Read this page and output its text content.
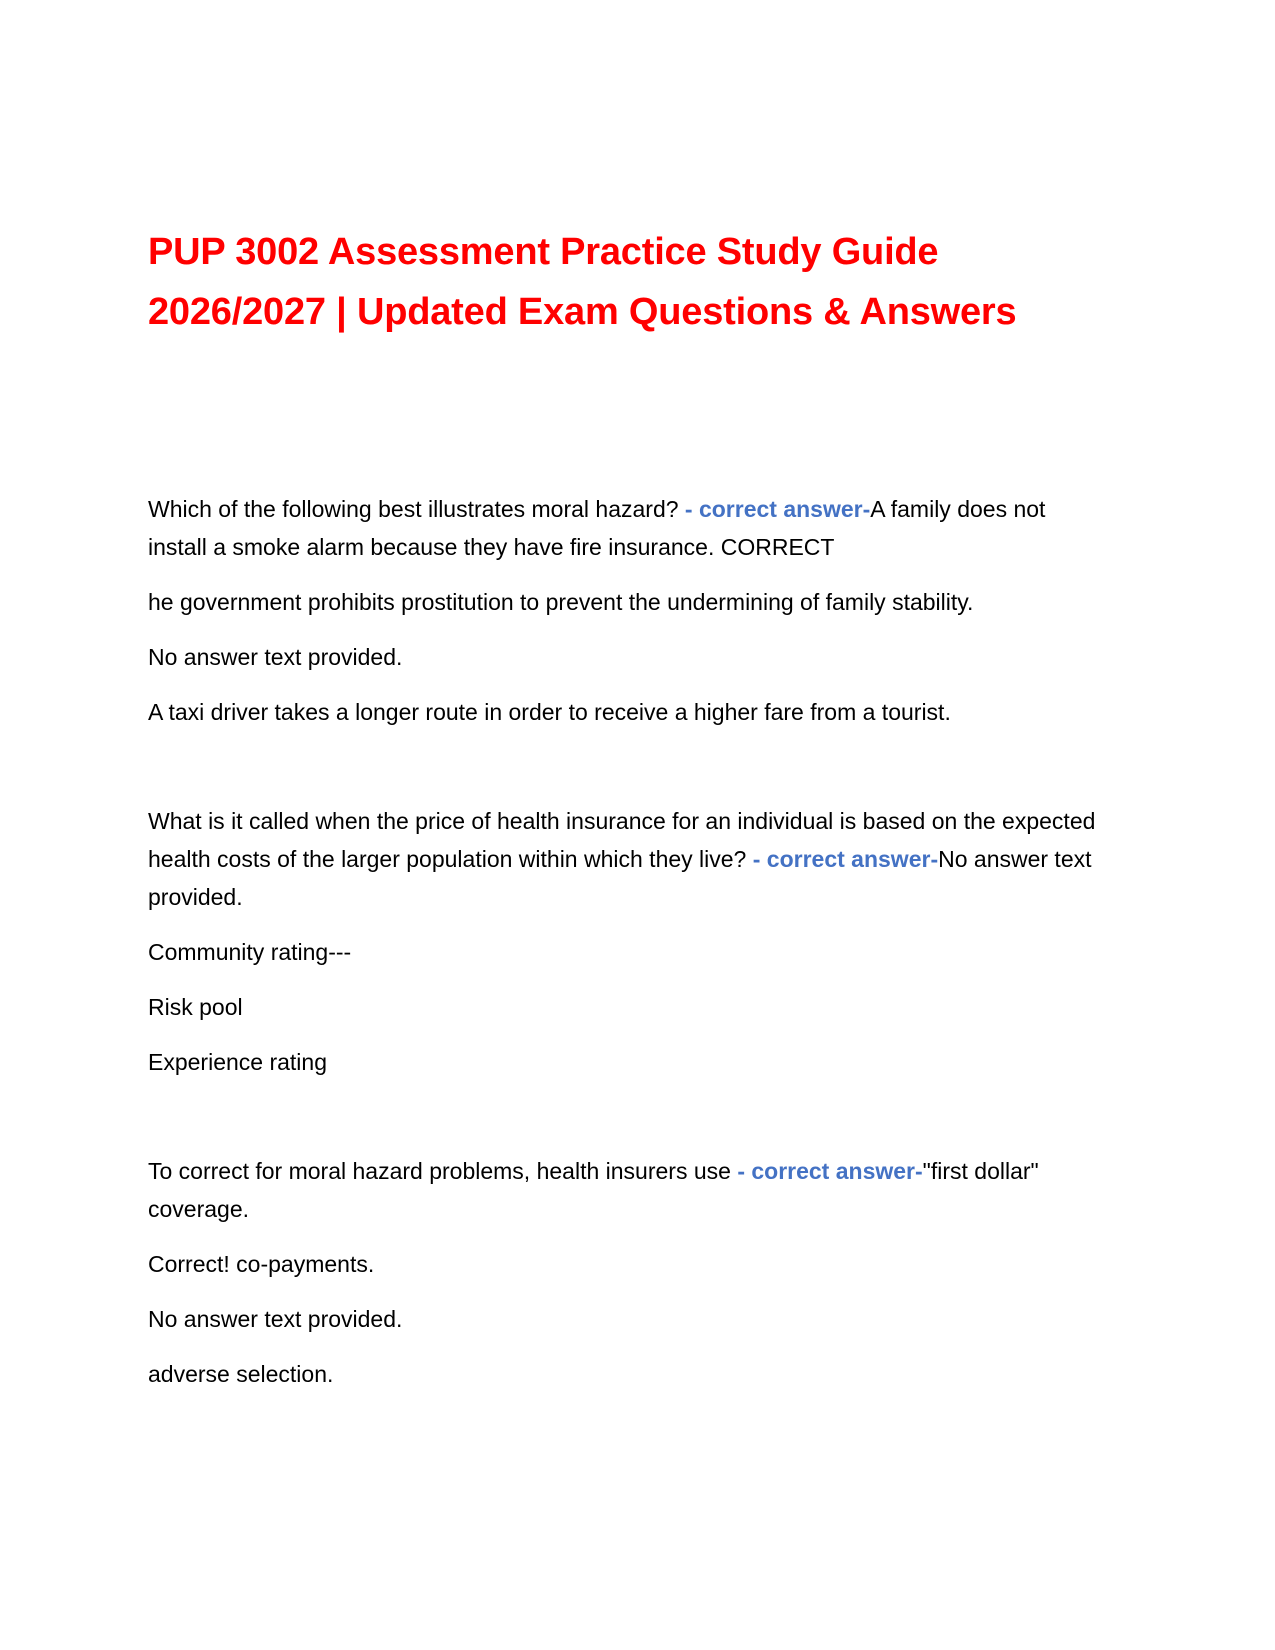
PUP 3002 Assessment Practice Study Guide
2026/2027 | Updated Exam Questions & Answers

Which of the following best illustrates moral hazard? - correct answer-A family does not install a smoke alarm because they have fire insurance. CORRECT

he government prohibits prostitution to prevent the undermining of family stability.

No answer text provided.

A taxi driver takes a longer route in order to receive a higher fare from a tourist.

What is it called when the price of health insurance for an individual is based on the expected health costs of the larger population within which they live? - correct answer-No answer text provided.

Community rating---

Risk pool

Experience rating

To correct for moral hazard problems, health insurers use - correct answer-"first dollar" coverage.

Correct! co-payments.

No answer text provided.

adverse selection.
